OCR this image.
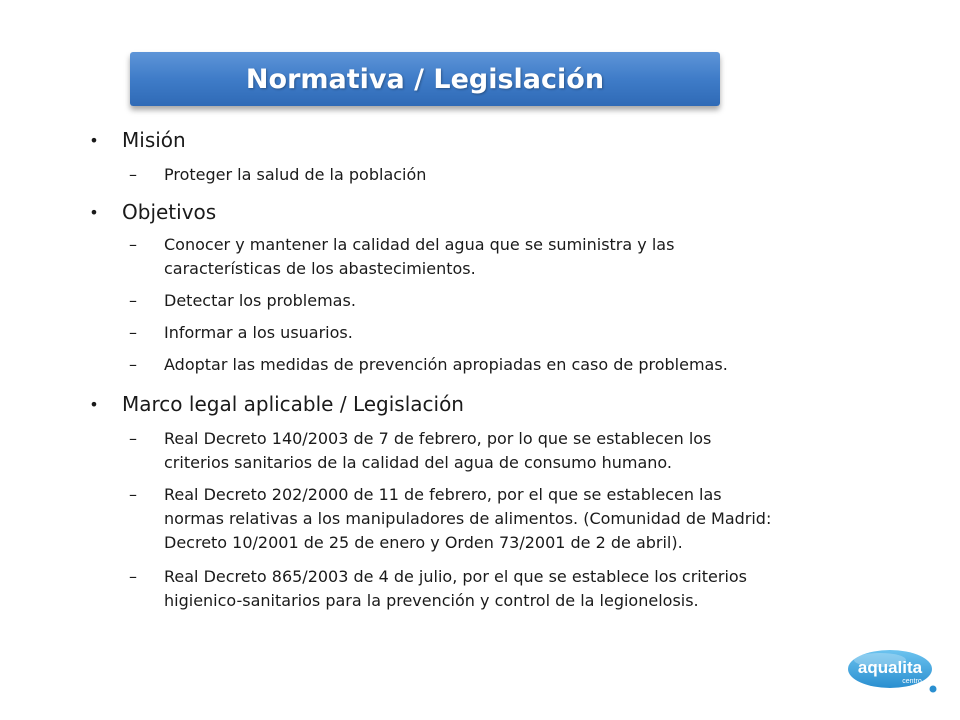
Normativa / Legislación
• Misión
– Proteger la salud de la población
• Objetivos
– Conocer y mantener la calidad del agua que se suministra y las
características de los abastecimientos.
– Detectar los problemas.
– Informar a los usuarios.
– Adoptar las medidas de prevención apropiadas en caso de problemas.
• Marco legal aplicable / Legislación
– Real Decreto 140/2003 de 7 de febrero, por lo que se establecen los
criterios sanitarios de la calidad del agua de consumo humano.
– Real Decreto 202/2000 de 11 de febrero, por el que se establecen las
normas relativas a los manipuladores de alimentos. (Comunidad de Madrid:
Decreto 10/2001 de 25 de enero y Orden 73/2001 de 2 de abril).
– Real Decreto 865/2003 de 4 de julio, por el que se establece los criterios
higienico-sanitarios para la prevención y control de la legionelosis.
aqualita
centro
